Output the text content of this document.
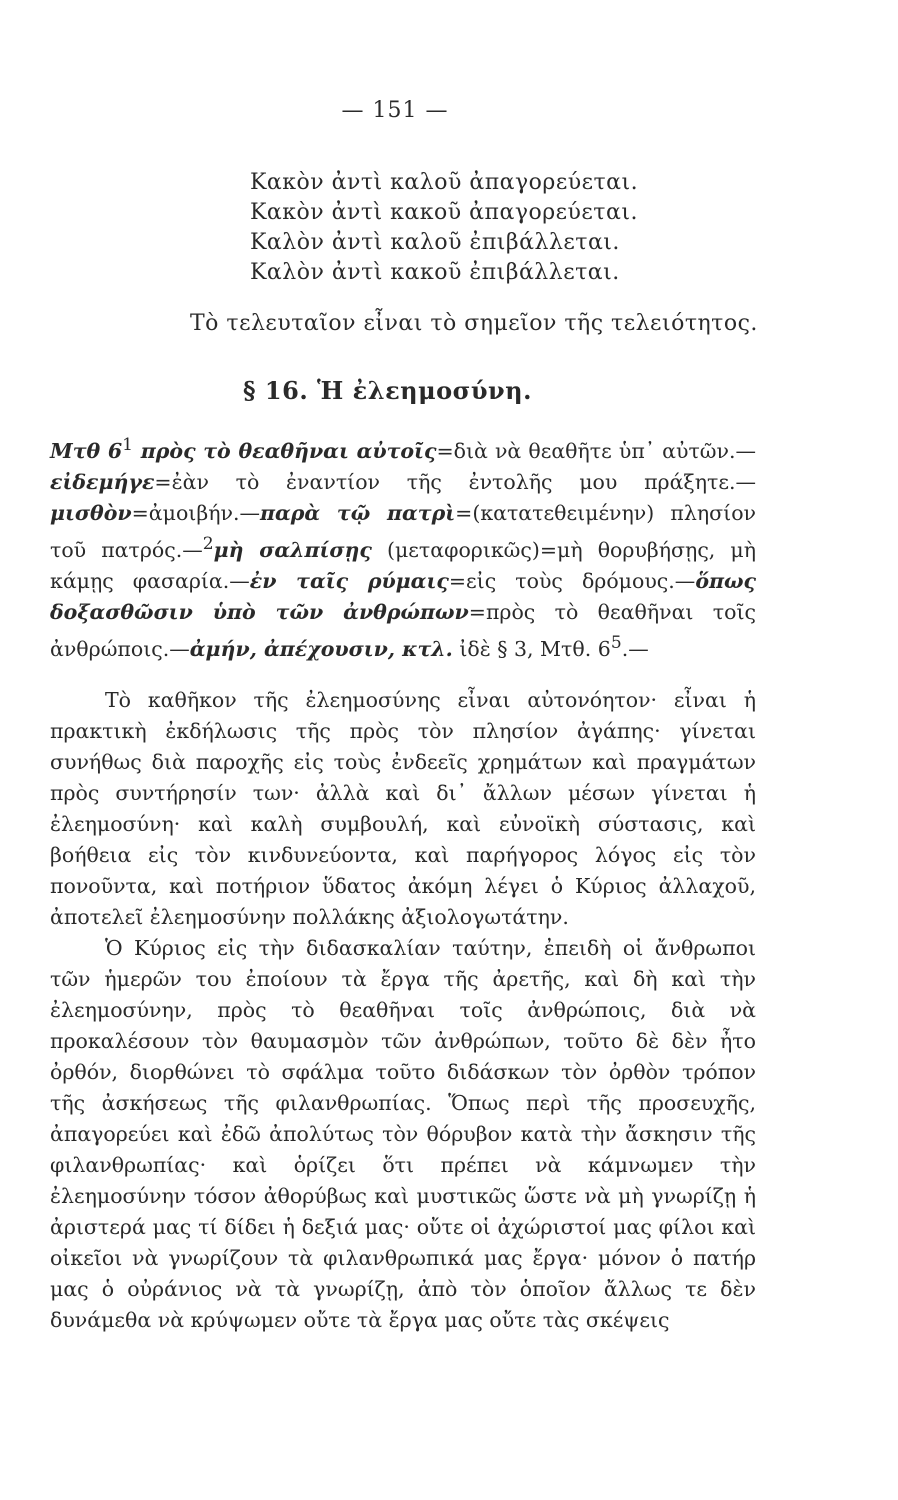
— 151 —
Κακὸν ἀντὶ καλοῦ ἀπαγορεύεται.
Κακὸν ἀντὶ κακοῦ ἀπαγορεύεται.
Καλὸν ἀντὶ καλοῦ ἐπιβάλλεται.
Καλὸν ἀντὶ κακοῦ ἐπιβάλλεται.
Τὸ τελευταῖον εἶναι τὸ σημεῖον τῆς τελειότητος.
§ 16. Ἡ ἐλεημοσύνη.
Μτθ $6^1$ πρὸς τὸ θεαθῆναι αὐτοῖς=διὰ νὰ θεαθῆτε ὑπ᾽ αὐτῶν.—εἰδεμήγε=ἐὰν τὸ ἐναντίον τῆς ἐντολῆς μου πράξητε.— μισθὸν=ἀμοιβήν.—παρὰ τῷ πατρὶ=(κατατεθειμένην) πλησίον τοῦ πατρός.—$^2$μὴ σαλπίσῃς (μεταφορικῶς)=μὴ θορυβήσῃς, μὴ κάμῃς φασαρία.—ἐν ταῖς ρύμαις=εἰς τοὺς δρόμους.—ὅπως δοξασθῶσιν ὑπὸ τῶν ἀνθρώπων=πρὸς τὸ θεαθῆναι τοῖς ἀνθρώποις.—ἀμήν, ἀπέχουσιν, κτλ. ἰδὲ § 3, Μτθ. $6^5.—$

Τὸ καθῆκον τῆς ἐλεημοσύνης εἶναι αὐτονόητον· εἶναι ἡ πρακτικὴ ἐκδήλωσις τῆς πρὸς τὸν πλησίον ἀγάπης· γίνεται συνήθως διὰ παροχῆς εἰς τοὺς ἐνδεεῖς χρημάτων καὶ πραγμάτων πρὸς συντήρησίν των· ἀλλὰ καὶ δι᾽ ἄλλων μέσων γίνεται ἡ ἐλεημοσύνη· καὶ καλὴ συμβουλή, καὶ εὐνοϊκὴ σύστασις, καὶ βοήθεια εἰς τὸν κινδυνεύοντα, καὶ παρήγορος λόγος εἰς τὸν πονοῦντα, καὶ ποτήριον ὕδατος ἀκόμη λέγει ὁ Κύριος ἀλλαχοῦ, ἀποτελεῖ ἐλεημοσύνην πολλάκης ἀξιολογωτάτην.

Ὁ Κύριος εἰς τὴν διδασκαλίαν ταύτην, ἐπειδὴ οἱ ἄνθρωποι τῶν ἡμερῶν του ἐποίουν τὰ ἔργα τῆς ἀρετῆς, καὶ δὴ καὶ τὴν ἐλεημοσύνην, πρὸς τὸ θεαθῆναι τοῖς ἀνθρώποις, διὰ νὰ προκαλέσουν τὸν θαυμασμὸν τῶν ἀνθρώπων, τοῦτο δὲ δὲν ἦτο ὀρθόν, διορθώνει τὸ σφάλμα τοῦτο διδάσκων τὸν ὀρθὸν τρόπον τῆς ἀσκήσεως τῆς φιλανθρωπίας. Ὅπως περὶ τῆς προσευχῆς, ἀπαγορεύει καὶ ἐδῶ ἀπολύτως τὸν θόρυβον κατὰ τὴν ἄσκησιν τῆς φιλανθρωπίας· καὶ ὁρίζει ὅτι πρέπει νὰ κάμνωμεν τὴν ἐλεημοσύνην τόσον ἀθορύβως καὶ μυστικῶς ὥστε νὰ μὴ γνωρίζῃ ἡ ἀριστερά μας τί δίδει ἡ δεξιά μας· οὔτε οἱ ἀχώριστοί μας φίλοι καὶ οἰκεῖοι νὰ γνωρίζουν τὰ φιλανθρωπικά μας ἔργα· μόνον ὁ πατήρ μας ὁ οὐράνιος νὰ τὰ γνωρίζῃ, ἀπὸ τὸν ὁποῖον ἄλλως τε δὲν δυνάμεθα νὰ κρύψωμεν οὔτε τὰ ἔργα μας οὔτε τὰς σκέψεις
